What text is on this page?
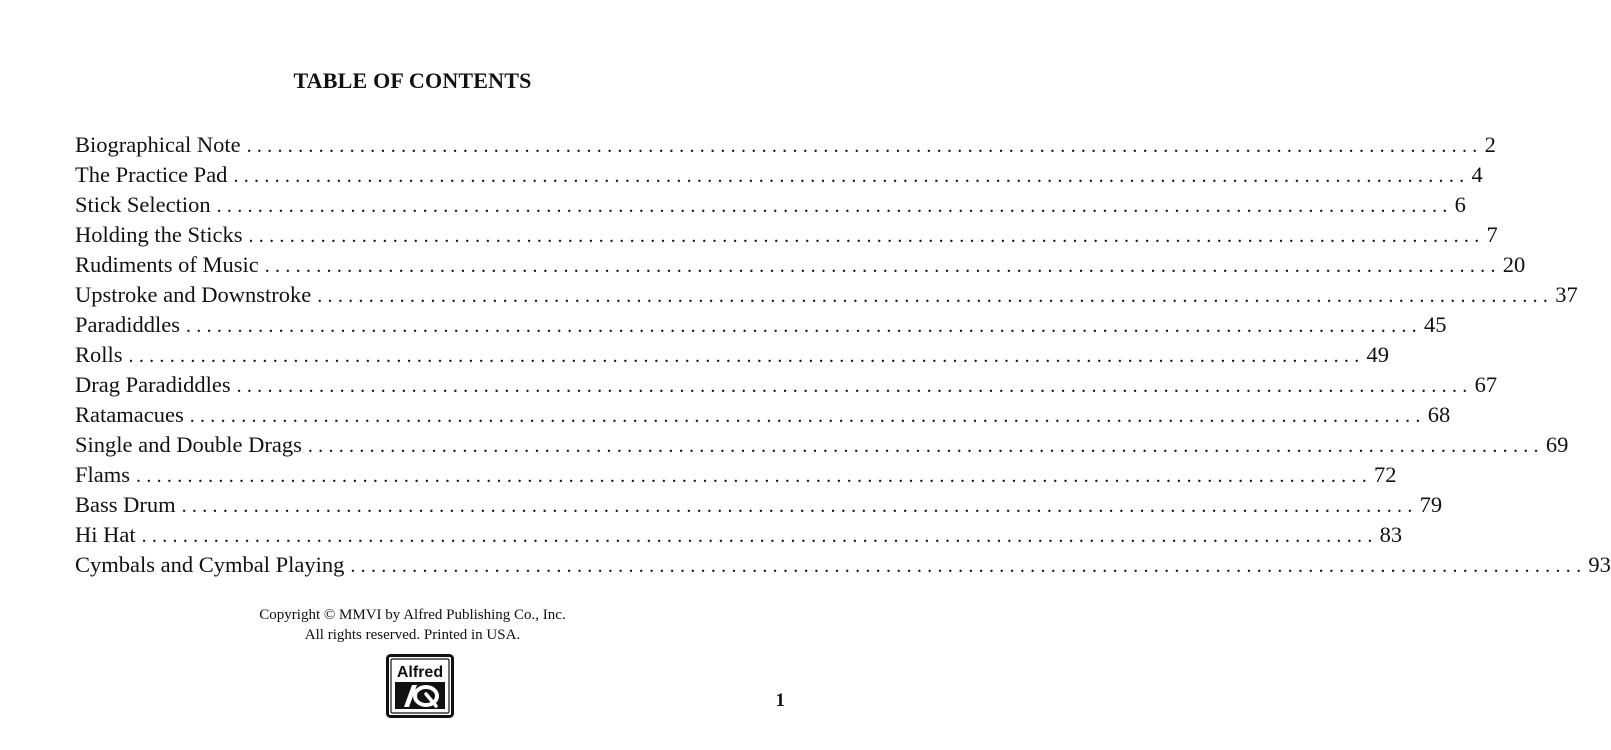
TABLE OF CONTENTS
Biographical Note ........................................................................................................................ 2
The Practice Pad ........................................................................................................................ 4
Stick Selection ........................................................................................................................ 6
Holding the Sticks ........................................................................................................................ 7
Rudiments of Music ........................................................................................................................ 20
Upstroke and Downstroke ........................................................................................................................ 37
Paradiddles ........................................................................................................................ 45
Rolls ........................................................................................................................ 49
Drag Paradiddles ........................................................................................................................ 67
Ratamacues ........................................................................................................................ 68
Single and Double Drags ........................................................................................................................ 69
Flams ........................................................................................................................ 72
Bass Drum ........................................................................................................................ 79
Hi Hat ........................................................................................................................ 83
Cymbals and Cymbal Playing ........................................................................................................................ 93
Copyright © MMVI by Alfred Publishing Co., Inc.
All rights reserved. Printed in USA.
Alfred
1
